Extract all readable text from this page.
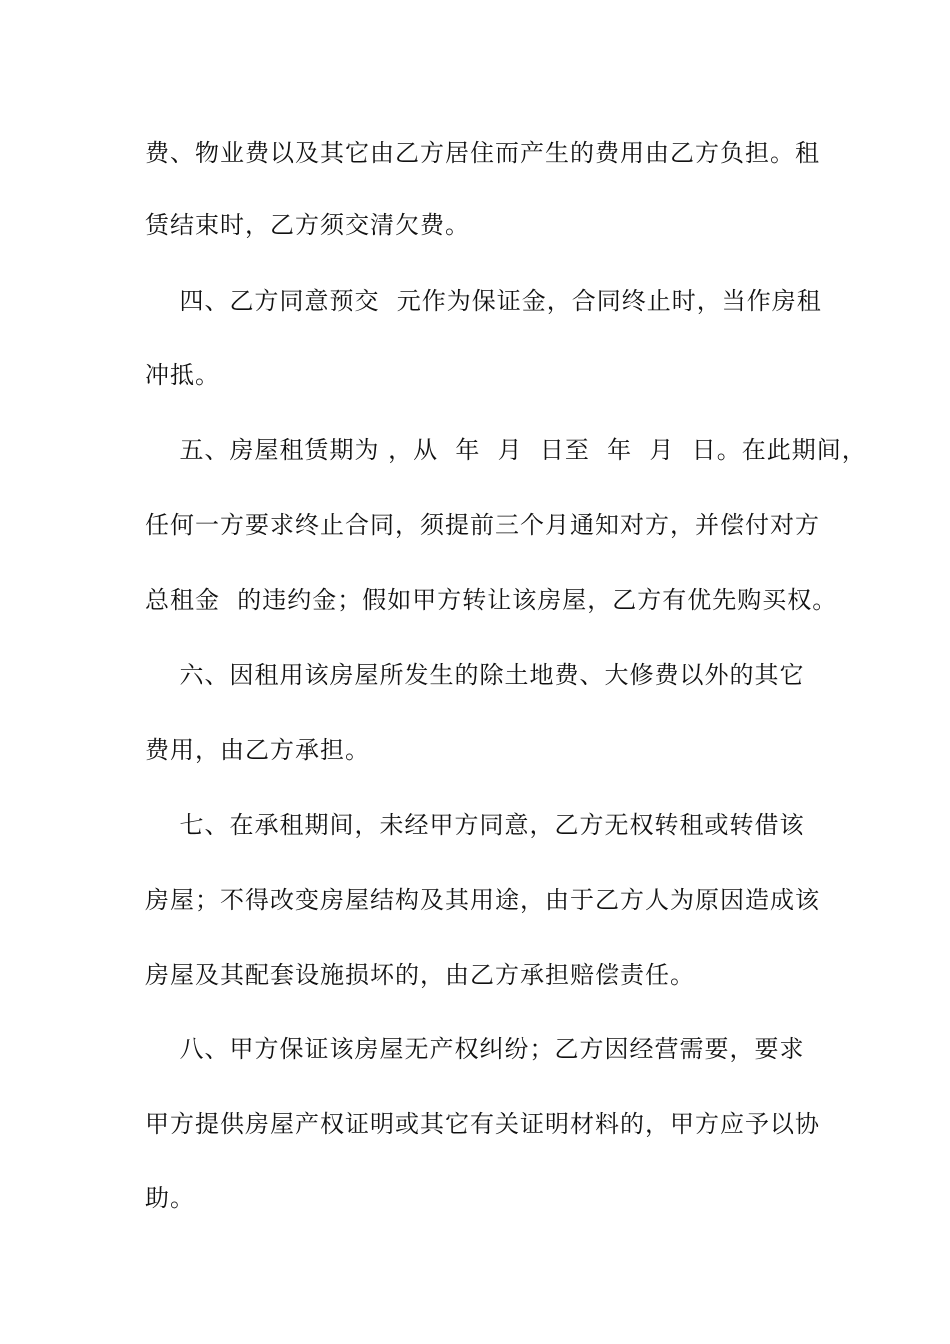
费、物业费以及其它由乙方居住而产生的费用由乙方负担。租
赁结束时，乙方须交清欠费。
四、乙方同意预交  元作为保证金，合同终止时，当作房租
冲抵。
五、房屋租赁期为 ，从  年  月  日至  年  月  日。在此期间，
任何一方要求终止合同，须提前三个月通知对方，并偿付对方
总租金  的违约金；假如甲方转让该房屋，乙方有优先购买权。
六、因租用该房屋所发生的除土地费、大修费以外的其它
费用，由乙方承担。
七、在承租期间，未经甲方同意，乙方无权转租或转借该
房屋；不得改变房屋结构及其用途，由于乙方人为原因造成该
房屋及其配套设施损坏的，由乙方承担赔偿责任。
八、甲方保证该房屋无产权纠纷；乙方因经营需要，要求
甲方提供房屋产权证明或其它有关证明材料的，甲方应予以协
助。
